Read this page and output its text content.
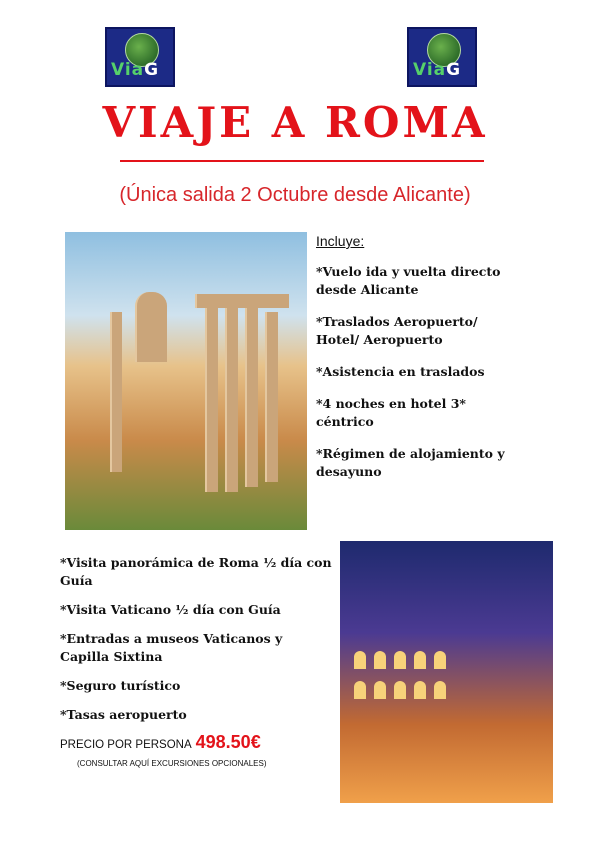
ViaG	ViaG
VIAJE A ROMA
(Única salida 2 Octubre desde Alicante)
Incluye:
*Vuelo ida y vuelta directo desde Alicante
*Traslados Aeropuerto/ Hotel/ Aeropuerto
*Asistencia en traslados
*4 noches en hotel 3* céntrico
*Régimen de alojamiento y desayuno
*Visita panorámica de Roma ½ día con Guía
*Visita Vaticano ½ día con Guía
*Entradas a museos Vaticanos y Capilla Sixtina
*Seguro turístico
*Tasas aeropuerto
PRECIO POR PERSONA 498.50€
(CONSULTAR AQUÍ EXCURSIONES OPCIONALES)
